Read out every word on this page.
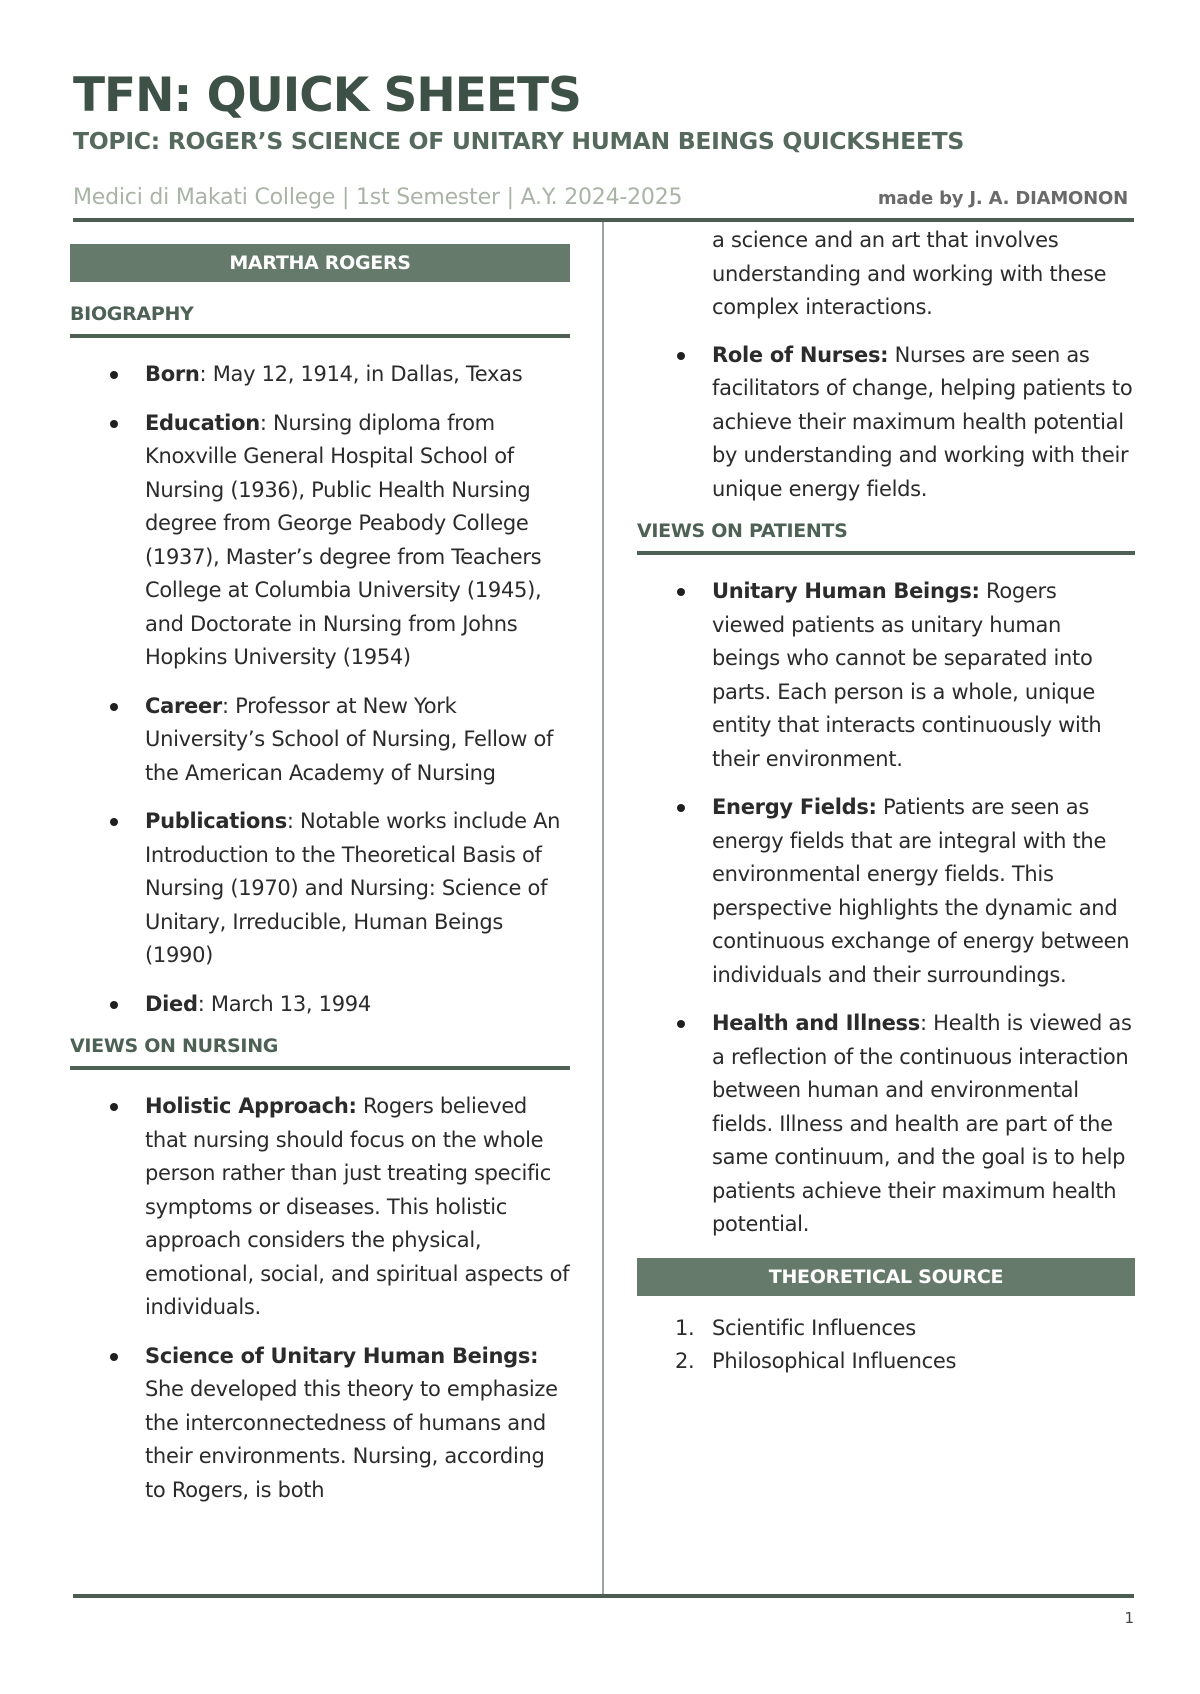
TFN: QUICK SHEETS
TOPIC: ROGER’S SCIENCE OF UNITARY HUMAN BEINGS QUICKSHEETS
Medici di Makati College | 1st Semester | A.Y. 2024-2025	made by J. A. DIAMONON
MARTHA ROGERS
BIOGRAPHY
Born: May 12, 1914, in Dallas, Texas
Education: Nursing diploma from Knoxville General Hospital School of Nursing (1936), Public Health Nursing degree from George Peabody College (1937), Master’s degree from Teachers College at Columbia University (1945), and Doctorate in Nursing from Johns Hopkins University (1954)
Career: Professor at New York University’s School of Nursing, Fellow of the American Academy of Nursing
Publications: Notable works include An Introduction to the Theoretical Basis of Nursing (1970) and Nursing: Science of Unitary, Irreducible, Human Beings (1990)
Died: March 13, 1994
VIEWS ON NURSING
Holistic Approach: Rogers believed that nursing should focus on the whole person rather than just treating specific symptoms or diseases. This holistic approach considers the physical, emotional, social, and spiritual aspects of individuals.
Science of Unitary Human Beings: She developed this theory to emphasize the interconnectedness of humans and their environments. Nursing, according to Rogers, is both
a science and an art that involves understanding and working with these complex interactions.
Role of Nurses: Nurses are seen as facilitators of change, helping patients to achieve their maximum health potential by understanding and working with their unique energy fields.
VIEWS ON PATIENTS
Unitary Human Beings: Rogers viewed patients as unitary human beings who cannot be separated into parts. Each person is a whole, unique entity that interacts continuously with their environment.
Energy Fields: Patients are seen as energy fields that are integral with the environmental energy fields. This perspective highlights the dynamic and continuous exchange of energy between individuals and their surroundings.
Health and Illness: Health is viewed as a reflection of the continuous interaction between human and environmental fields. Illness and health are part of the same continuum, and the goal is to help patients achieve their maximum health potential.
THEORETICAL SOURCE
1. Scientific Influences
2. Philosophical Influences
1
